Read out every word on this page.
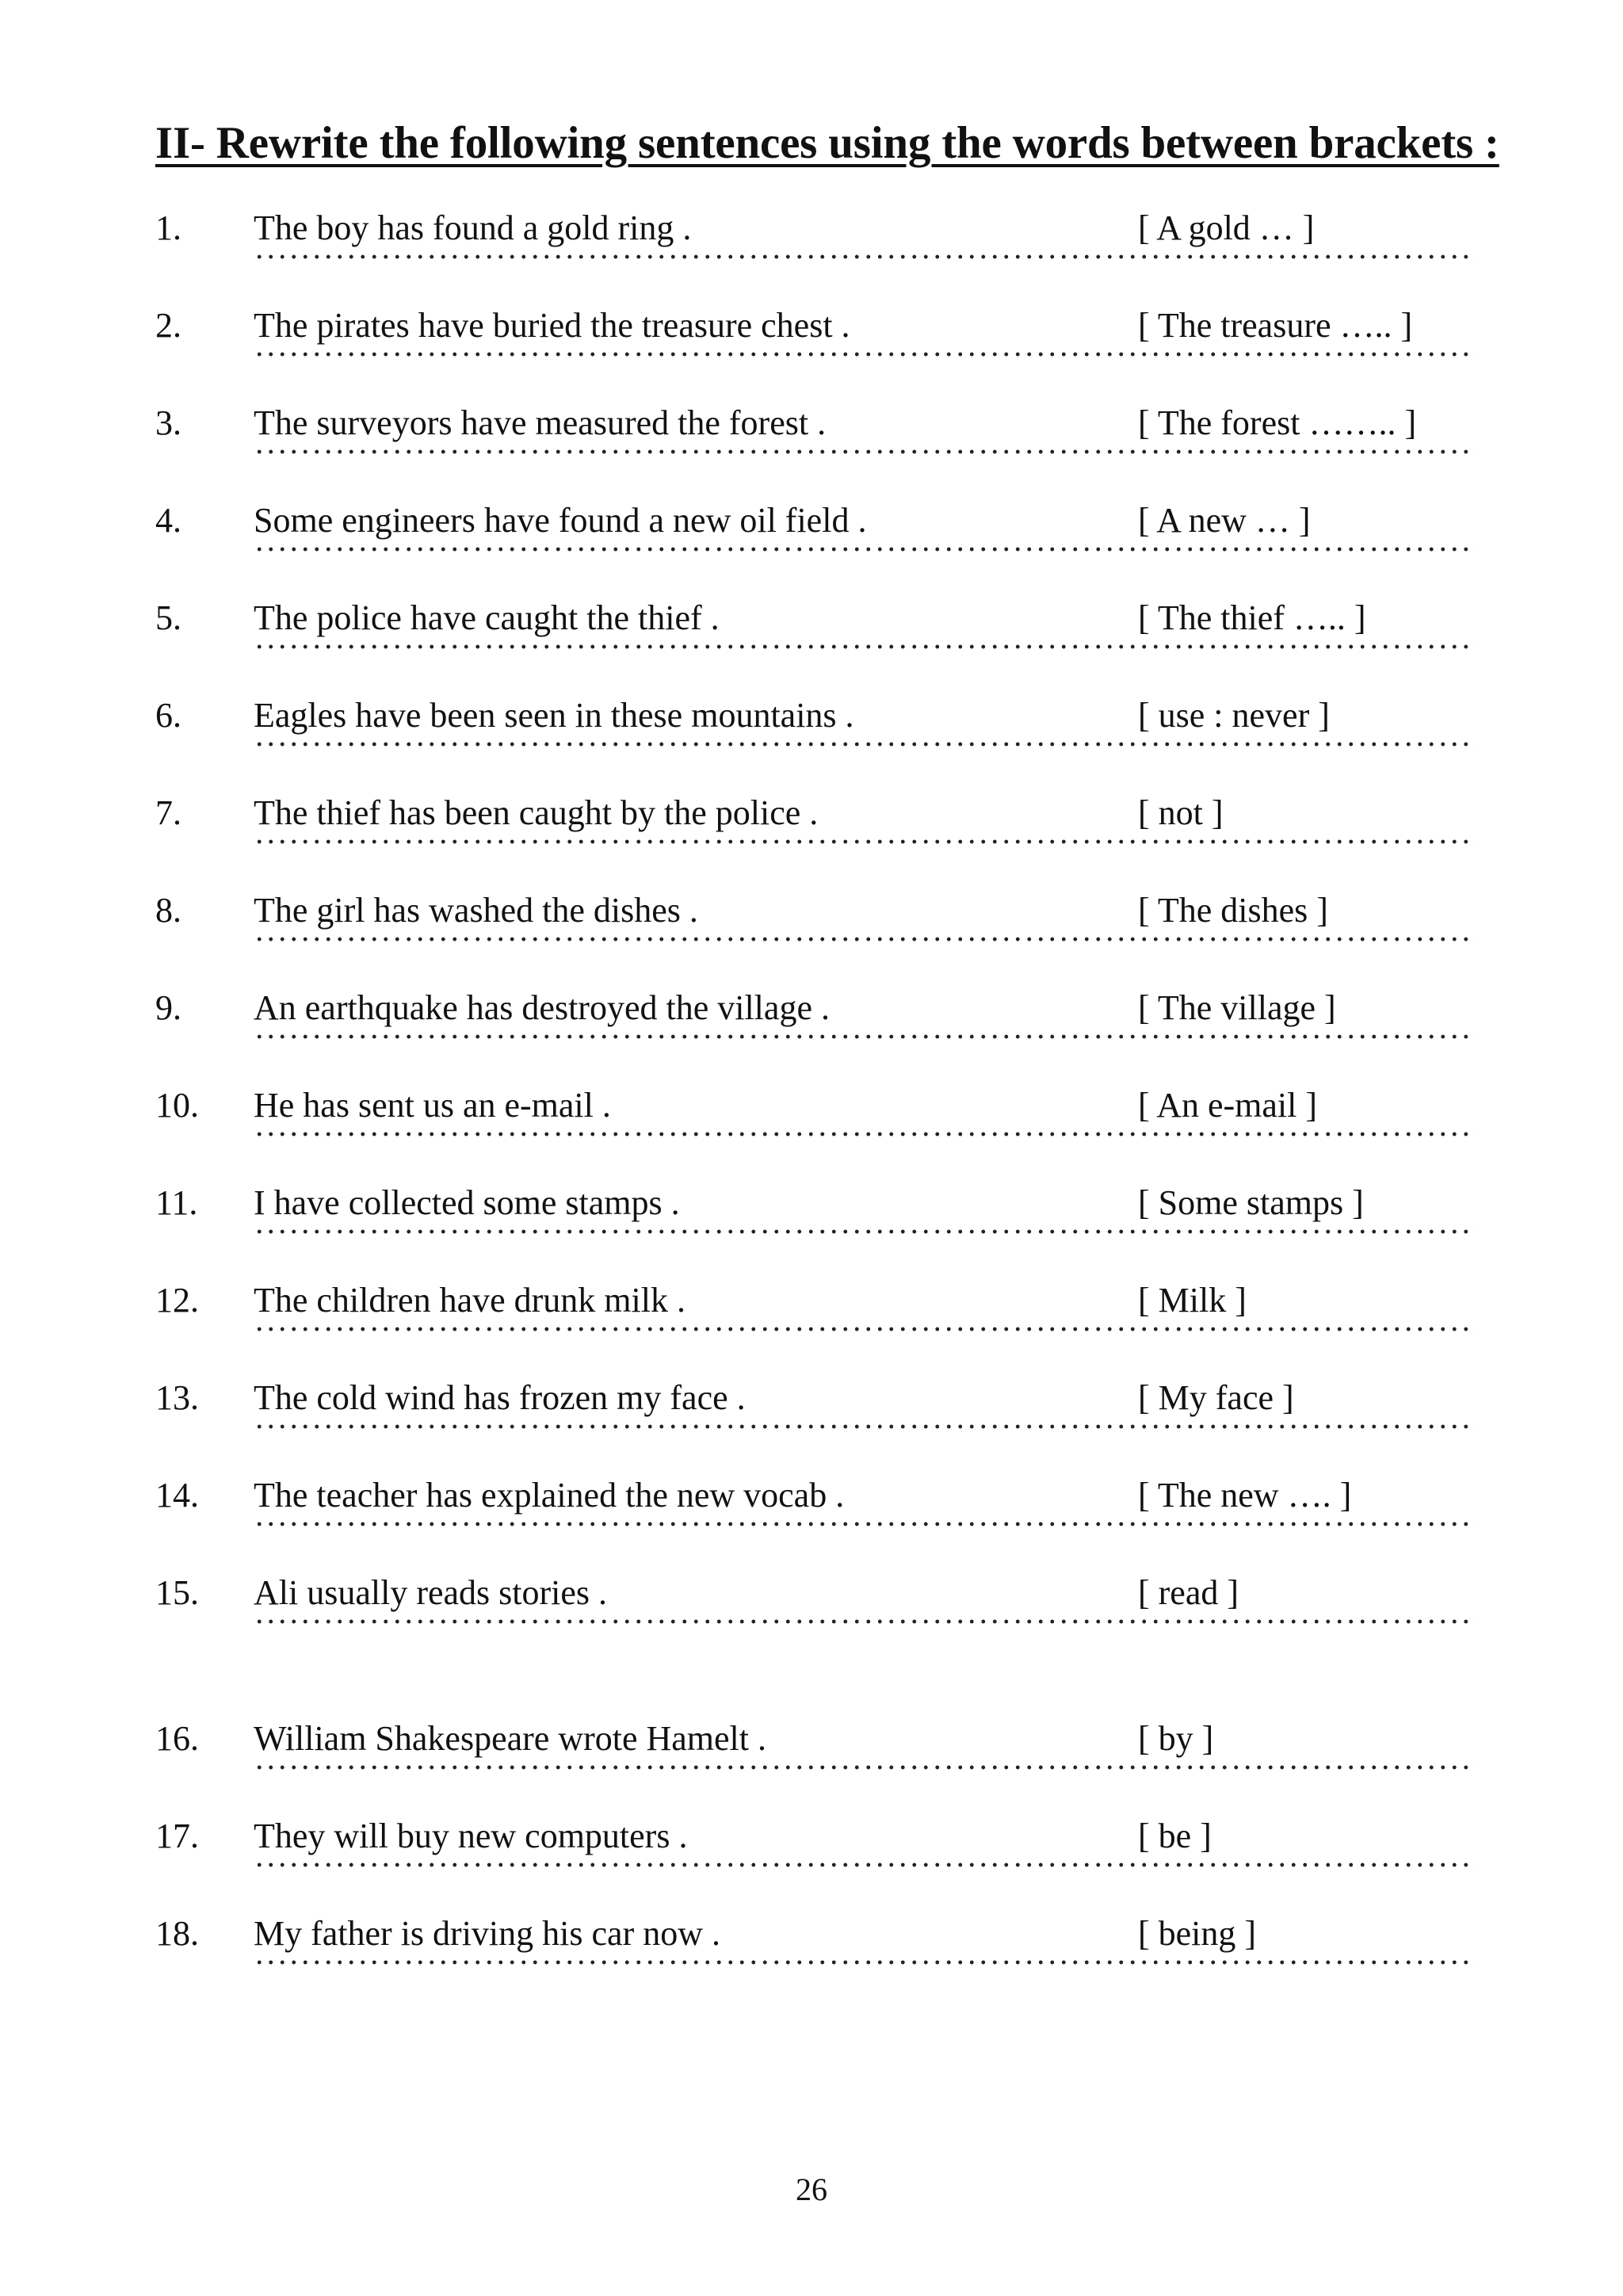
II- Rewrite the following sentences using the words between brackets :
1. The boy has found a gold ring .	[ A gold … ]
2. The pirates have buried the treasure chest .	[ The treasure ….. ]
3. The surveyors have measured the forest .	[ The forest …….. ]
4. Some engineers have found a new oil field .	[ A new … ]
5. The police have caught the thief .	[ The thief ….. ]
6. Eagles have been seen in these mountains .	[ use : never ]
7. The thief has been caught by the police .	[ not ]
8. The girl has washed the dishes .	[ The dishes ]
9. An earthquake has destroyed the village .	[ The village ]
10. He has sent us an e-mail .	[ An e-mail ]
11. I have collected some stamps .	[ Some stamps ]
12. The children have drunk milk .	[ Milk ]
13. The cold wind has frozen my face .	[ My face ]
14. The teacher has explained the new vocab .	[ The new …. ]
15. Ali usually reads stories .	[ read ]
16. William Shakespeare wrote Hamelt .	[ by ]
17. They will buy new computers .	[ be ]
18. My father is driving his car now .	[ being ]
26
